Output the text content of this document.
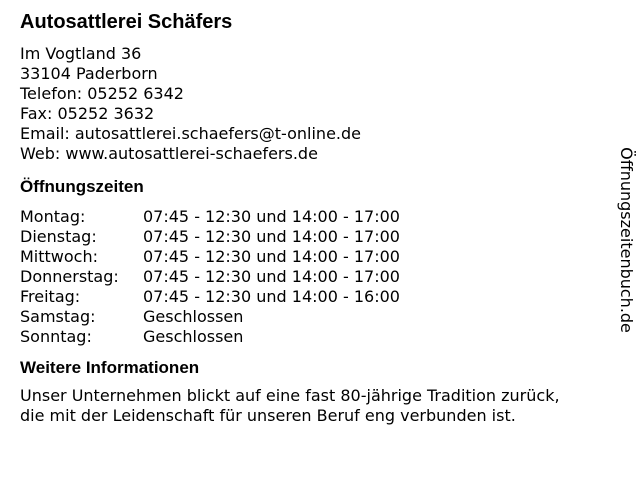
Autosattlerei Schäfers
Im Vogtland 36
33104 Paderborn
Telefon: 05252 6342
Fax: 05252 3632
Email: autosattlerei.schaefers@t-online.de
Web: www.autosattlerei-schaefers.de
Öffnungszeiten
Montag:	07:45 - 12:30 und 14:00 - 17:00
Dienstag:	07:45 - 12:30 und 14:00 - 17:00
Mittwoch:	07:45 - 12:30 und 14:00 - 17:00
Donnerstag:	07:45 - 12:30 und 14:00 - 17:00
Freitag:	07:45 - 12:30 und 14:00 - 16:00
Samstag:	Geschlossen
Sonntag:	Geschlossen
Weitere Informationen
Unser Unternehmen blickt auf eine fast 80-jährige Tradition zurück,
die mit der Leidenschaft für unseren Beruf eng verbunden ist.
Öffnungszeitenbuch.de
